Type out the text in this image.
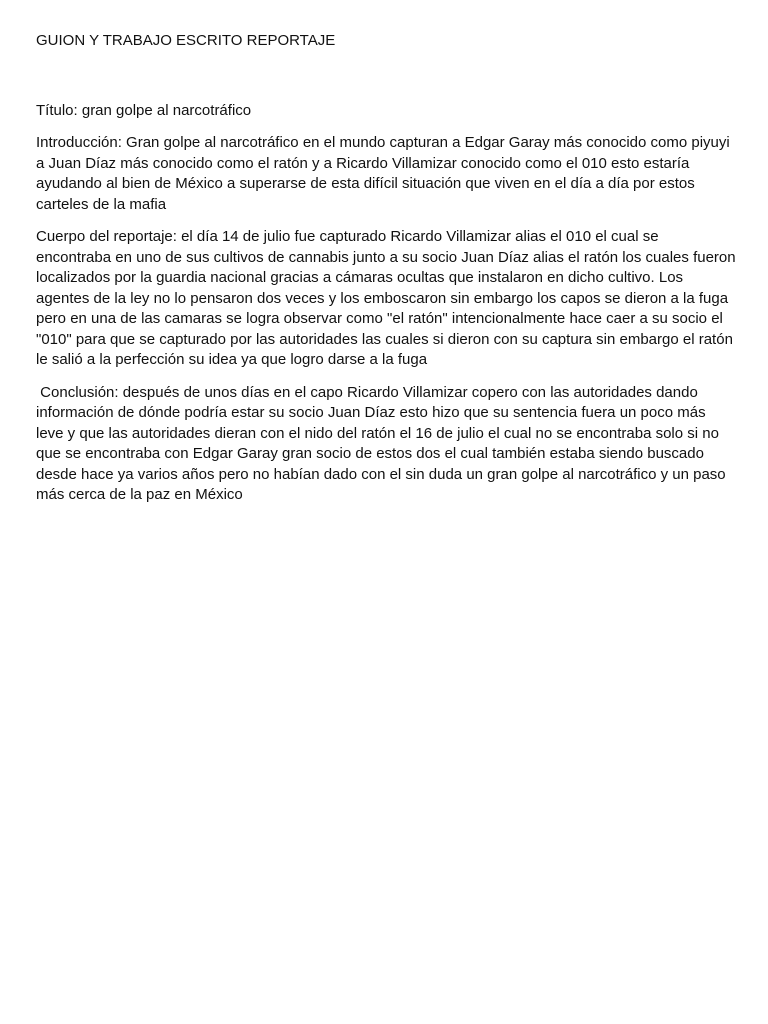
GUION Y TRABAJO ESCRITO REPORTAJE

Título: gran golpe al narcotráfico

Introducción: Gran golpe al narcotráfico en el mundo capturan a Edgar Garay más conocido como piyuyi a Juan Díaz más conocido como el ratón y a Ricardo Villamizar conocido como el 010 esto estaría ayudando al bien de México a superarse de esta difícil situación que viven en el día a día por estos carteles de la mafia

Cuerpo del reportaje: el día 14 de julio fue capturado Ricardo Villamizar alias el 010 el cual se encontraba en uno de sus cultivos de cannabis junto a su socio Juan Díaz alias el ratón los cuales fueron localizados por la guardia nacional gracias a cámaras ocultas que instalaron en dicho cultivo. Los agentes de la ley no lo pensaron dos veces y los emboscaron sin embargo los capos se dieron a la fuga pero en una de las camaras se logra observar como "el ratón" intencionalmente hace caer a su socio el "010" para que se capturado por las autoridades las cuales si dieron con su captura sin embargo el ratón le salió a la perfección su idea ya que logro darse a la fuga

Conclusión: después de unos días en el capo Ricardo Villamizar copero con las autoridades dando información de dónde podría estar su socio Juan Díaz esto hizo que su sentencia fuera un poco más leve y que las autoridades dieran con el nido del ratón el 16 de julio el cual no se encontraba solo si no que se encontraba con Edgar Garay gran socio de estos dos el cual también estaba siendo buscado desde hace ya varios años pero no habían dado con el sin duda un gran golpe al narcotráfico y un paso más cerca de la paz en México
